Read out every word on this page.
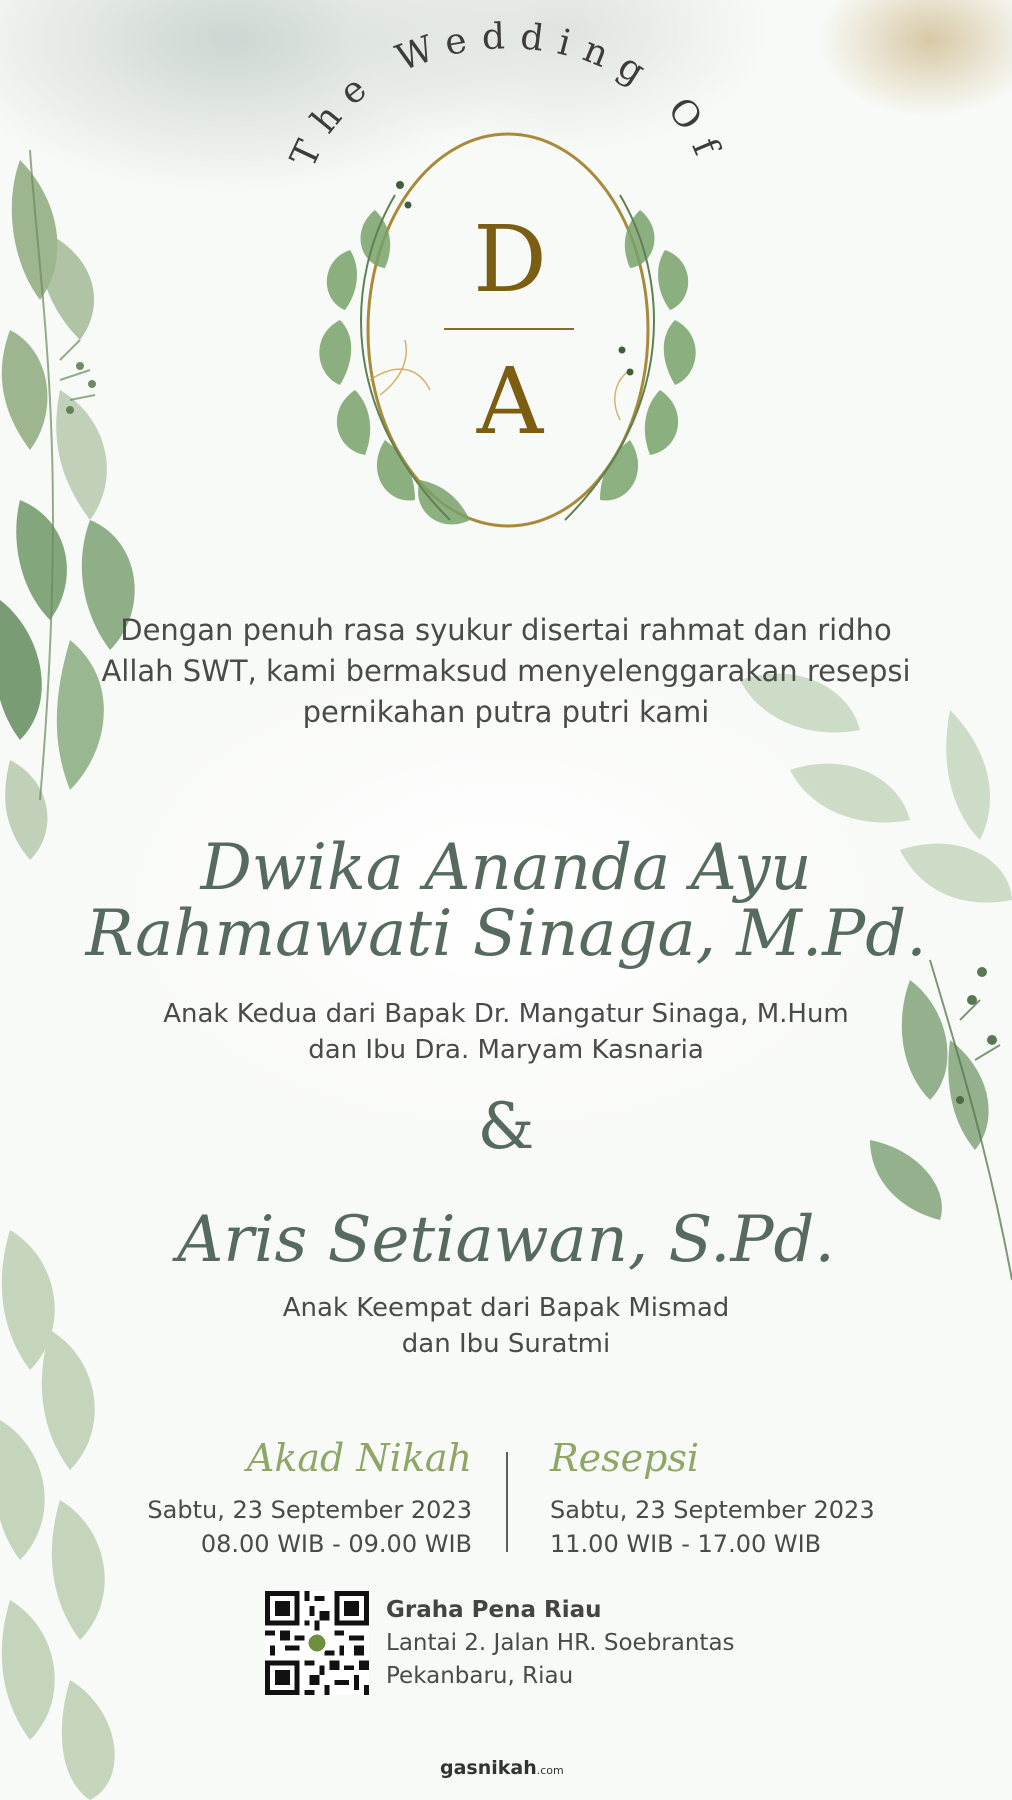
The Wedding Of
D
A
Dengan penuh rasa syukur disertai rahmat dan ridho
Allah SWT, kami bermaksud menyelenggarakan resepsi
pernikahan putra putri kami
Dwika Ananda Ayu
Rahmawati Sinaga, M.Pd.
Anak Kedua dari Bapak Dr. Mangatur Sinaga, M.Hum
dan Ibu Dra. Maryam Kasnaria
&
Aris Setiawan, S.Pd.
Anak Keempat dari Bapak Mismad
dan Ibu Suratmi
Akad Nikah
Sabtu, 23 September 2023
08.00 WIB - 09.00 WIB
Resepsi
Sabtu, 23 September 2023
11.00 WIB - 17.00 WIB
Graha Pena Riau
Lantai 2. Jalan HR. Soebrantas
Pekanbaru, Riau
gasnikah.com
